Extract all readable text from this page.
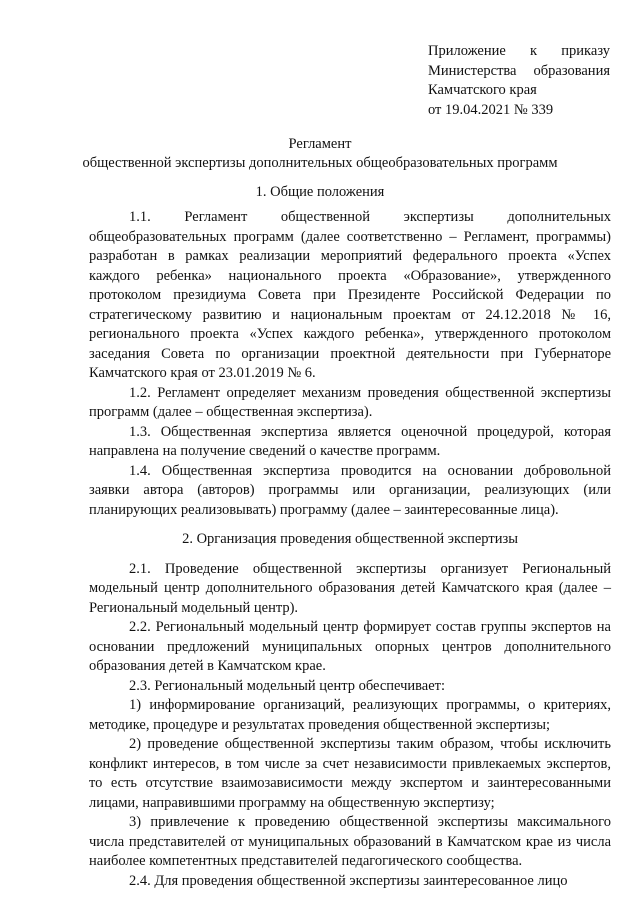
Приложение к приказу
Министерства образования
Камчатского края
от 19.04.2021 № 339
Регламент
общественной экспертизы дополнительных общеобразовательных программ
1. Общие положения

1.1. Регламент общественной экспертизы дополнительных общеобразовательных программ (далее соответственно – Регламент, программы) разработан в рамках реализации мероприятий федерального проекта «Успех каждого ребенка» национального проекта «Образование», утвержденного протоколом президиума Совета при Президенте Российской Федерации по стратегическому развитию и национальным проектам от 24.12.2018 № 16, регионального проекта «Успех каждого ребенка», утвержденного протоколом заседания Совета по организации проектной деятельности при Губернаторе Камчатского края от 23.01.2019 № 6.

1.2. Регламент определяет механизм проведения общественной экспертизы программ (далее – общественная экспертиза).

1.3. Общественная экспертиза является оценочной процедурой, которая направлена на получение сведений о качестве программ.

1.4. Общественная экспертиза проводится на основании добровольной заявки автора (авторов) программы или организации, реализующих (или планирующих реализовывать) программу (далее – заинтересованные лица).

2. Организация проведения общественной экспертизы

2.1. Проведение общественной экспертизы организует Региональный модельный центр дополнительного образования детей Камчатского края (далее – Региональный модельный центр).

2.2. Региональный модельный центр формирует состав группы экспертов на основании предложений муниципальных опорных центров дополнительного образования детей в Камчатском крае.

2.3. Региональный модельный центр обеспечивает:

1) информирование организаций, реализующих программы, о критериях, методике, процедуре и результатах проведения общественной экспертизы;

2) проведение общественной экспертизы таким образом, чтобы исключить конфликт интересов, в том числе за счет независимости привлекаемых экспертов, то есть отсутствие взаимозависимости между экспертом и заинтересованными лицами, направившими программу на общественную экспертизу;

3) привлечение к проведению общественной экспертизы максимального числа представителей от муниципальных образований в Камчатском крае из числа наиболее компетентных представителей педагогического сообщества.

2.4. Для проведения общественной экспертизы заинтересованное лицо
